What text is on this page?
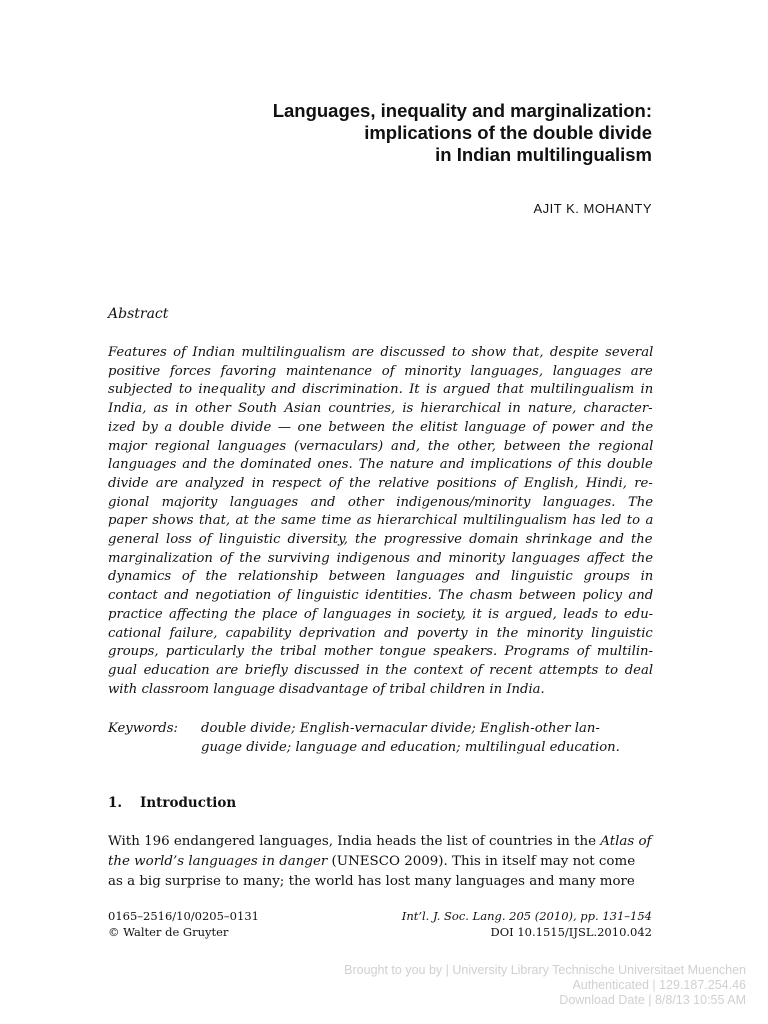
Languages, inequality and marginalization:
implications of the double divide
in Indian multilingualism
AJIT K. MOHANTY
Abstract
Features of Indian multilingualism are discussed to show that, despite several
positive forces favoring maintenance of minority languages, languages are
subjected to inequality and discrimination. It is argued that multilingualism in
India, as in other South Asian countries, is hierarchical in nature, character-
ized by a double divide — one between the elitist language of power and the
major regional languages (vernaculars) and, the other, between the regional
languages and the dominated ones. The nature and implications of this double
divide are analyzed in respect of the relative positions of English, Hindi, re-
gional majority languages and other indigenous/minority languages. The
paper shows that, at the same time as hierarchical multilingualism has led to a
general loss of linguistic diversity, the progressive domain shrinkage and the
marginalization of the surviving indigenous and minority languages affect the
dynamics of the relationship between languages and linguistic groups in
contact and negotiation of linguistic identities. The chasm between policy and
practice affecting the place of languages in society, it is argued, leads to edu-
cational failure, capability deprivation and poverty in the minority linguistic
groups, particularly the tribal mother tongue speakers. Programs of multilin-
gual education are briefly discussed in the context of recent attempts to deal
with classroom language disadvantage of tribal children in India.
Keywords: double divide; English-vernacular divide; English-other lan-
guage divide; language and education; multilingual education.
1. Introduction
With 196 endangered languages, India heads the list of countries in the Atlas of
the world’s languages in danger (UNESCO 2009). This in itself may not come
as a big surprise to many; the world has lost many languages and many more
0165–2516/10/0205–0131
© Walter de Gruyter
Int’l. J. Soc. Lang. 205 (2010), pp. 131–154
DOI 10.1515/IJSL.2010.042
Brought to you by | University Library Technische Universitaet Muenchen
Authenticated | 129.187.254.46
Download Date | 8/8/13 10:55 AM
